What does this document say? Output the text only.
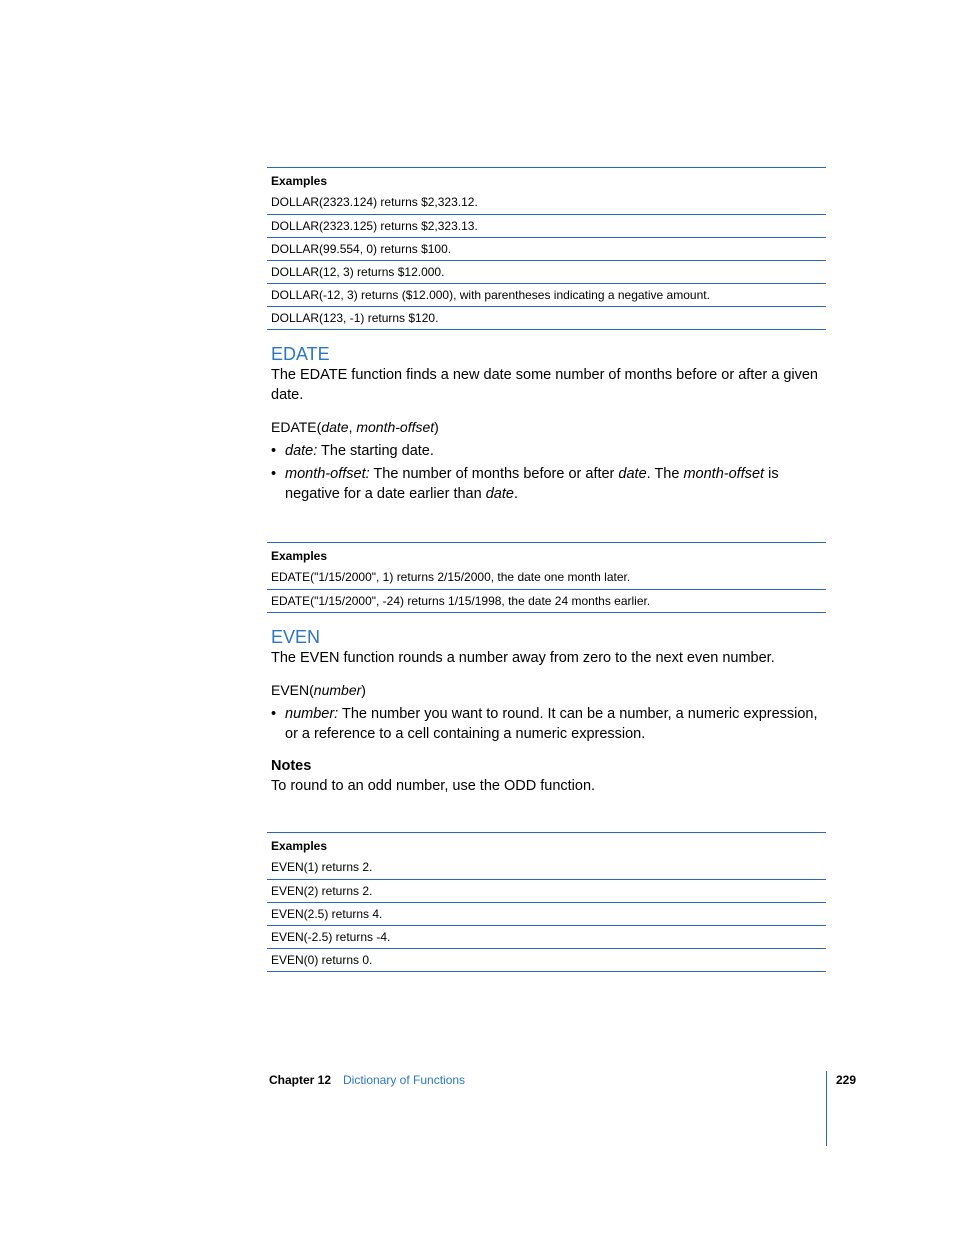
Examples
DOLLAR(2323.124) returns $2,323.12.
DOLLAR(2323.125) returns $2,323.13.
DOLLAR(99.554, 0) returns $100.
DOLLAR(12, 3) returns $12.000.
DOLLAR(-12, 3) returns ($12.000), with parentheses indicating a negative amount.
DOLLAR(123, -1) returns $120.
EDATE

The EDATE function finds a new date some number of months before or after a given date.

EDATE(date, month-offset)

• date: The starting date.
• month-offset: The number of months before or after date. The month-offset is negative for a date earlier than date.
Examples
EDATE("1/15/2000", 1) returns 2/15/2000, the date one month later.
EDATE("1/15/2000", -24) returns 1/15/1998, the date 24 months earlier.
EVEN

The EVEN function rounds a number away from zero to the next even number.

EVEN(number)

• number: The number you want to round. It can be a number, a numeric expression, or a reference to a cell containing a numeric expression.

Notes

To round to an odd number, use the ODD function.

Examples
EVEN(1) returns 2.
EVEN(2) returns 2.
EVEN(2.5) returns 4.
EVEN(-2.5) returns -4.
EVEN(0) returns 0.
Chapter 12 Dictionary of Functions	229
